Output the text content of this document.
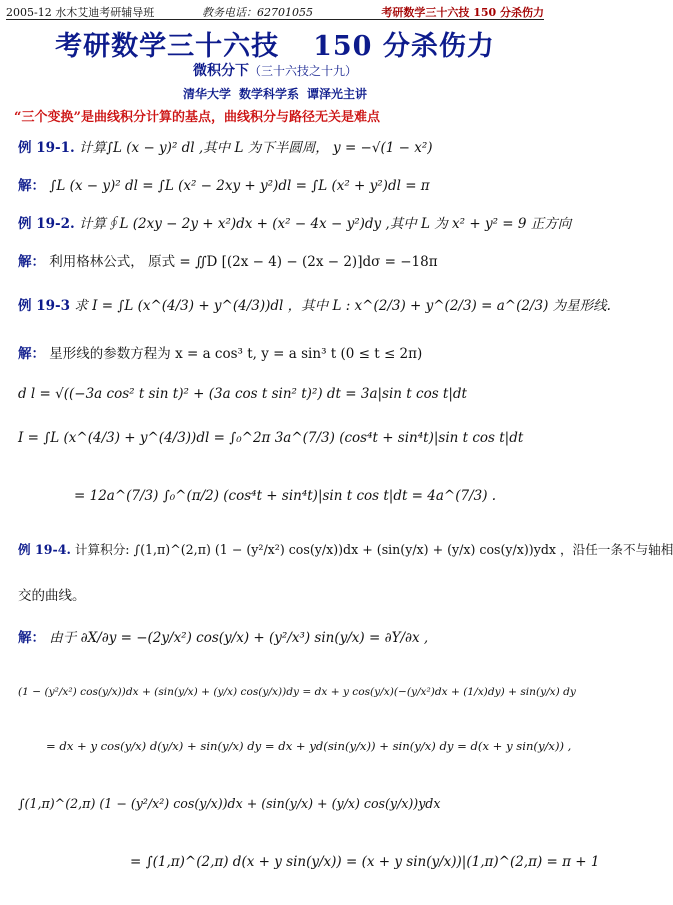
2005-12 水木艾迪考研辅导班	教务电话：62701055	考研数学三十六技 150 分杀伤力
考研数学三十六技 150 分杀伤力
微积分下（三十六技之十九）
清华大学 数学科学系 谭泽光主讲
“三个变换”是曲线积分计算的基点，曲线积分与路径无关是难点
例 19-1. 计算∫L (x − y)² dl ,其中 L 为下半圆周， y = −√(1 − x²)
解： ∫L (x − y)² dl = ∫L (x² − 2xy + y²)dl = ∫L (x² + y²)dl = π
例 19-2. 计算∮L (2xy − 2y + x²)dx + (x² − 4x − y²)dy ,其中 L 为 x² + y² = 9 正方向
解： 利用格林公式， 原式 = ∬D [(2x − 4) − (2x − 2)]dσ = −18π
例 19-3 求 I = ∫L (x^(4/3) + y^(4/3))dl ，其中 L : x^(2/3) + y^(2/3) = a^(2/3) 为星形线.
解： 星形线的参数方程为 x = a cos³ t, y = a sin³ t (0 ≤ t ≤ 2π)
d l = √((−3a cos² t sin t)² + (3a cos t sin² t)²) dt = 3a|sin t cos t|dt
I = ∫L (x^(4/3) + y^(4/3))dl = ∫₀^2π 3a^(7/3) (cos⁴t + sin⁴t)|sin t cos t|dt
= 12a^(7/3) ∫₀^(π/2) (cos⁴t + sin⁴t)|sin t cos t|dt = 4a^(7/3) .
例 19-4. 计算积分: ∫(1,π)^(2,π) (1 − (y²/x²) cos(y/x))dx + (sin(y/x) + (y/x) cos(y/x))ydx ，沿任一条不与轴相
交的曲线。
解： 由于 ∂X/∂y = −(2y/x²) cos(y/x) + (y²/x³) sin(y/x) = ∂Y/∂x ,
(1 − (y²/x²) cos(y/x))dx + (sin(y/x) + (y/x) cos(y/x))dy = dx + y cos(y/x)(−(y/x²)dx + (1/x)dy) + sin(y/x) dy
= dx + y cos(y/x) d(y/x) + sin(y/x) dy = dx + yd(sin(y/x)) + sin(y/x) dy = d(x + y sin(y/x)) ,
∫(1,π)^(2,π) (1 − (y²/x²) cos(y/x))dx + (sin(y/x) + (y/x) cos(y/x))ydx
= ∫(1,π)^(2,π) d(x + y sin(y/x)) = (x + y sin(y/x))|(1,π)^(2,π) = π + 1
